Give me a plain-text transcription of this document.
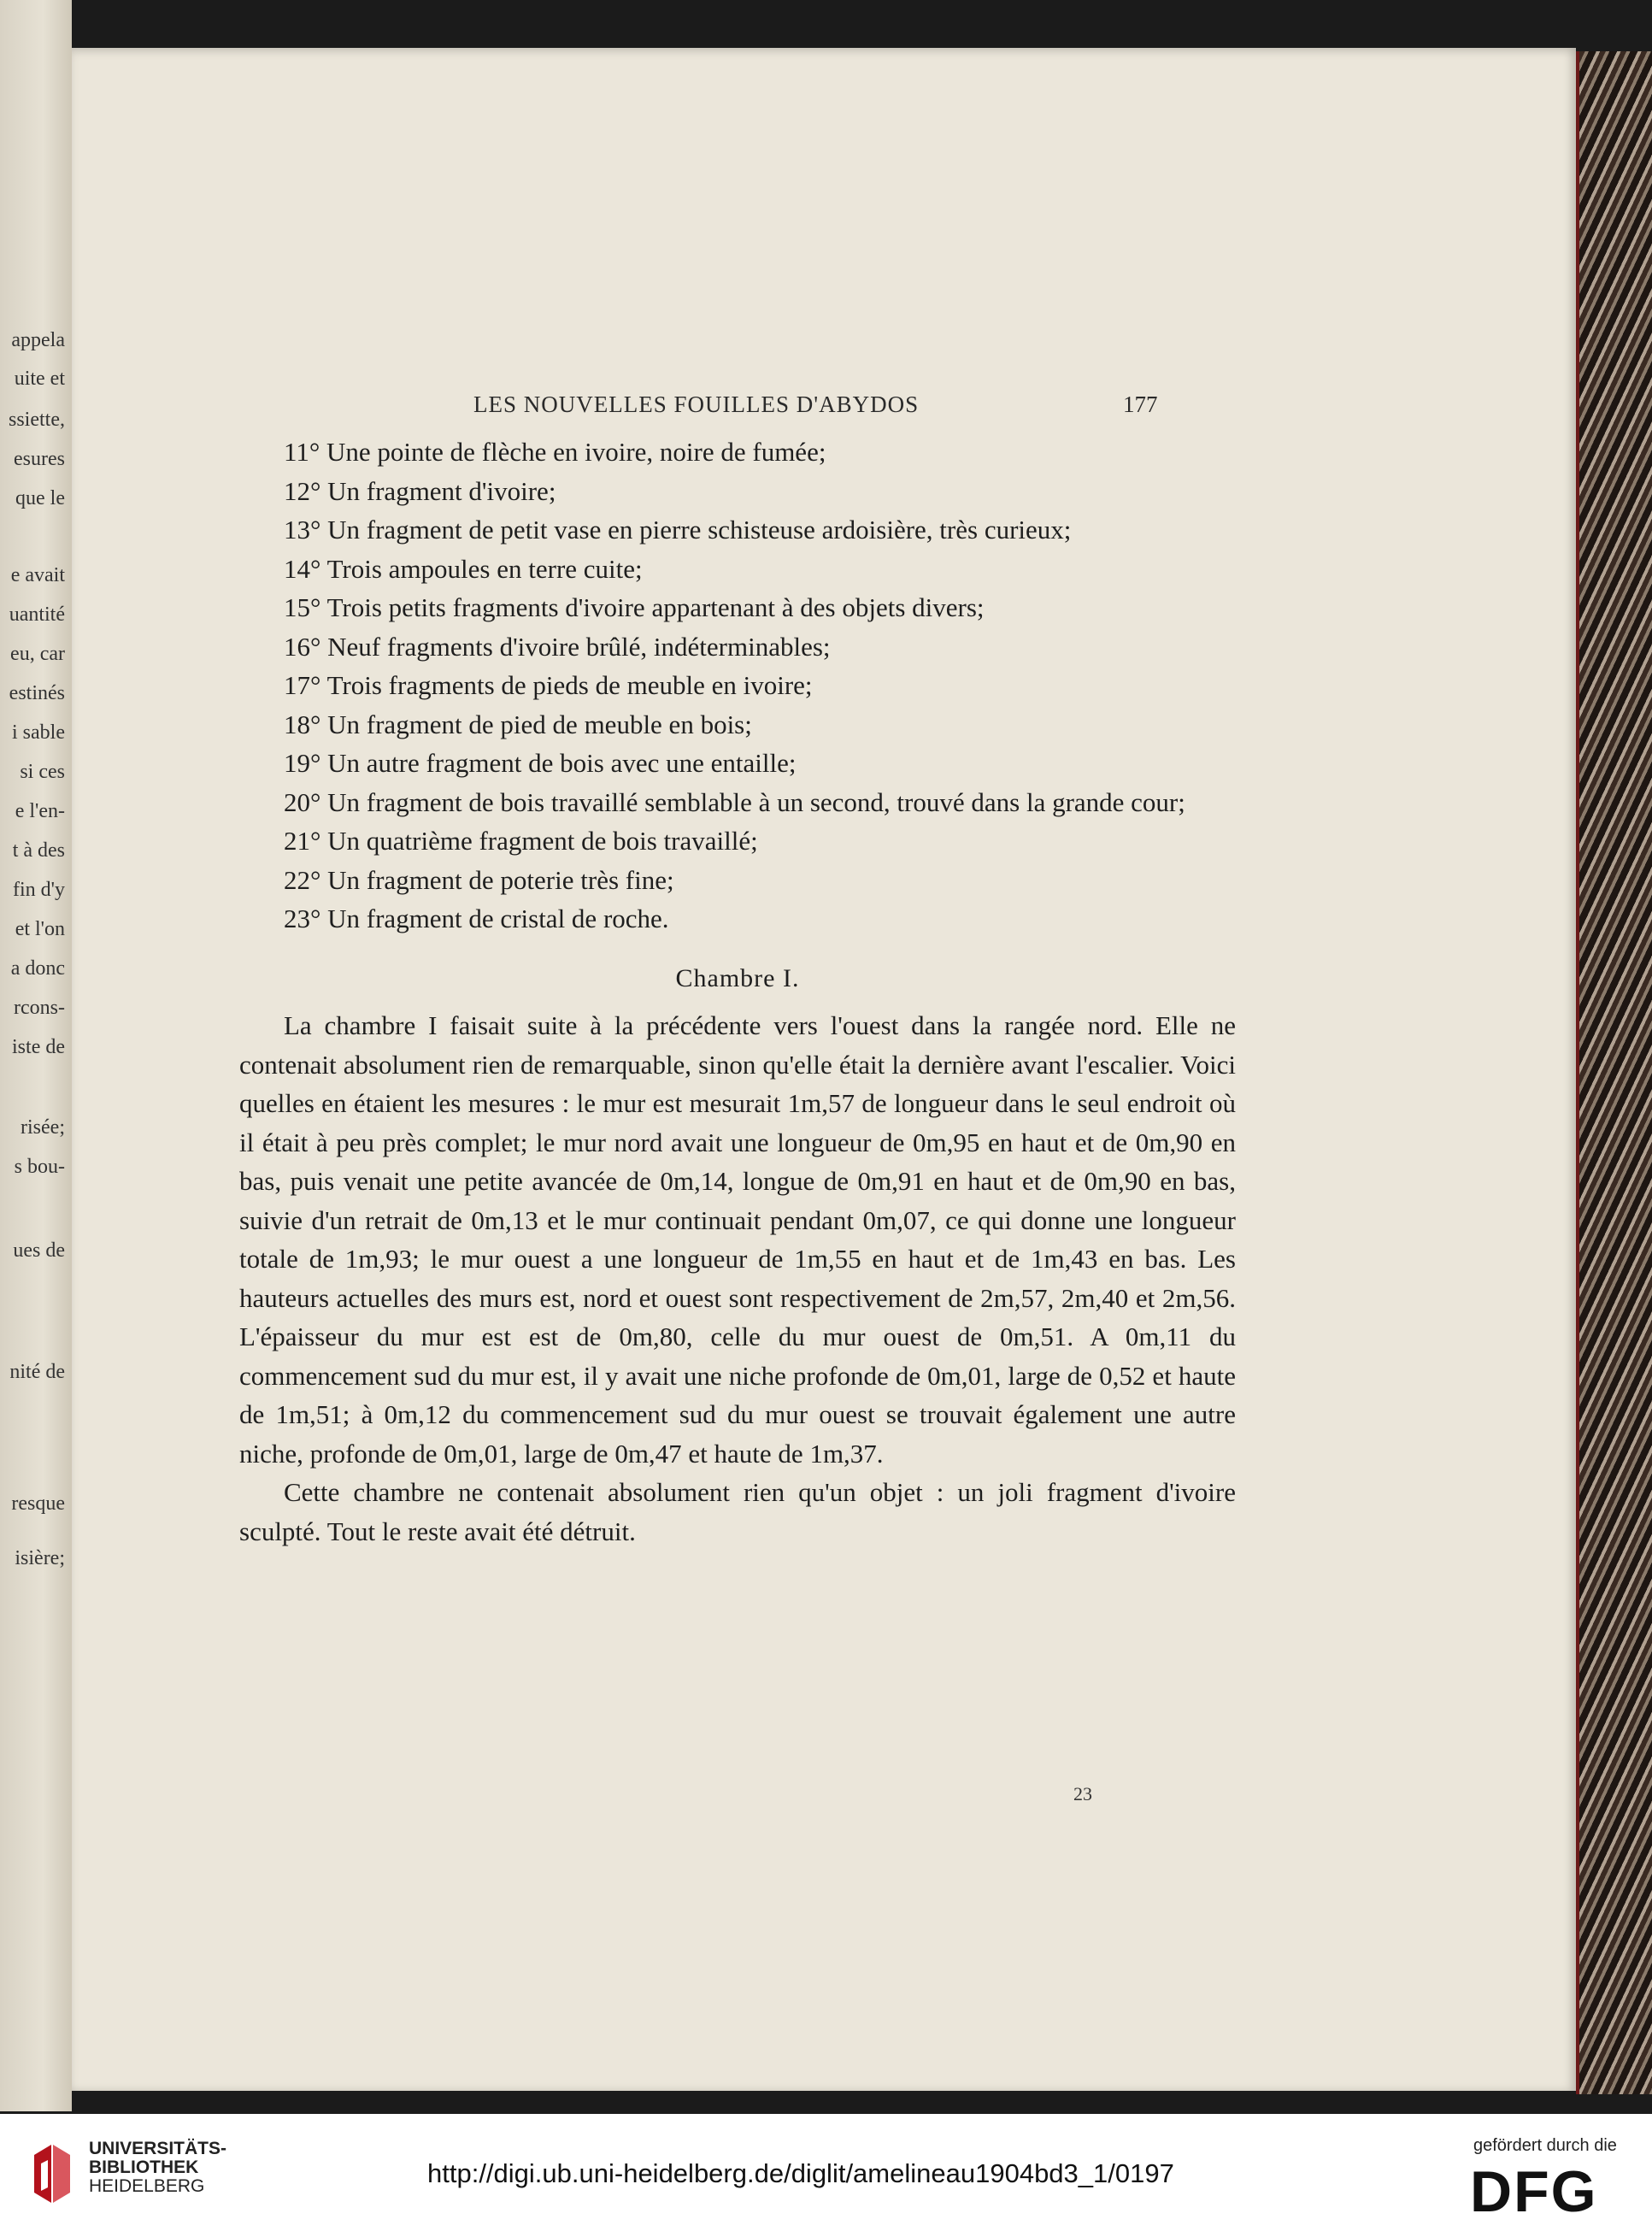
appela
uite et
ssiette,
esures
que le
e avait
uantité
eu, car
estinés
i sable
si ces
e l'en-
t à des
fin d'y
et l'on
a donc
rcons-
iste de
risée;
s bou-
ues de
nité de
resque
isière;
LES NOUVELLES FOUILLES D'ABYDOS	177

11° Une pointe de flèche en ivoire, noire de fumée;

12° Un fragment d'ivoire;

13° Un fragment de petit vase en pierre schisteuse ardoisière, très curieux;

14° Trois ampoules en terre cuite;

15° Trois petits fragments d'ivoire appartenant à des objets divers;

16° Neuf fragments d'ivoire brûlé, indéterminables;

17° Trois fragments de pieds de meuble en ivoire;

18° Un fragment de pied de meuble en bois;

19° Un autre fragment de bois avec une entaille;

20° Un fragment de bois travaillé semblable à un second, trouvé dans la grande cour;

21° Un quatrième fragment de bois travaillé;

22° Un fragment de poterie très fine;

23° Un fragment de cristal de roche.

Chambre I.

La chambre I faisait suite à la précédente vers l'ouest dans la rangée nord. Elle ne contenait absolument rien de remarquable, sinon qu'elle était la dernière avant l'escalier. Voici quelles en étaient les mesures : le mur est mesurait 1m,57 de longueur dans le seul endroit où il était à peu près complet; le mur nord avait une longueur de 0m,95 en haut et de 0m,90 en bas, puis venait une petite avancée de 0m,14, longue de 0m,91 en haut et de 0m,90 en bas, suivie d'un retrait de 0m,13 et le mur continuait pendant 0m,07, ce qui donne une longueur totale de 1m,93; le mur ouest a une longueur de 1m,55 en haut et de 1m,43 en bas. Les hauteurs actuelles des murs est, nord et ouest sont respectivement de 2m,57, 2m,40 et 2m,56. L'épaisseur du mur est est de 0m,80, celle du mur ouest de 0m,51. A 0m,11 du commencement sud du mur est, il y avait une niche profonde de 0m,01, large de 0,52 et haute de 1m,51; à 0m,12 du commencement sud du mur ouest se trouvait également une autre niche, profonde de 0m,01, large de 0m,47 et haute de 1m,37.

Cette chambre ne contenait absolument rien qu'un objet : un joli fragment d'ivoire sculpté. Tout le reste avait été détruit.

23
UNIVERSITÄTS-
BIBLIOTHEK
HEIDELBERG	http://digi.ub.uni-heidelberg.de/diglit/amelineau1904bd3_1/0197
gefördert durch die
DFG
